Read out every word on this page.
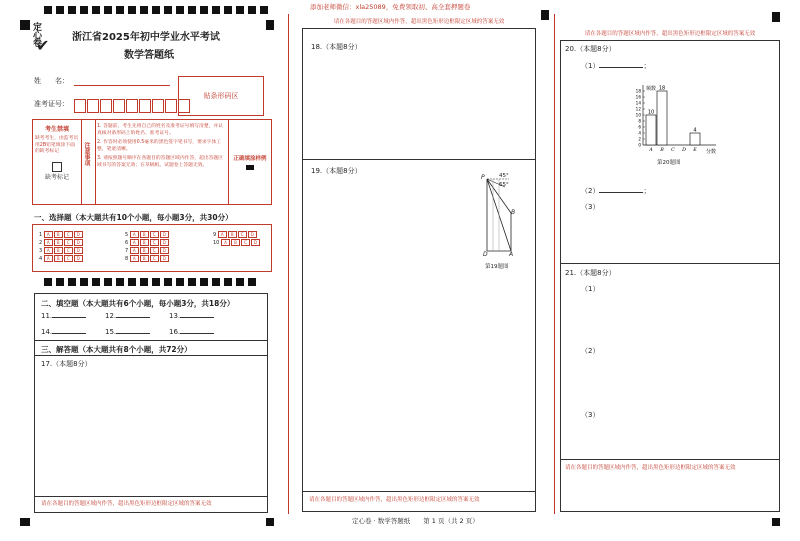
添加老师微信：xla25089，免费领取初、高全套押题卷
定心卷
✔ 浙江省2025年初中学业水平考试
数学答题纸
姓　　名：
准考证号：
贴条形码区
考生禁填
缺考考生，由监考员用2B铅笔填涂下面的缺考标记
缺考标记
注意事项
1. 答题前，考生先将自己的姓名及准考证号填写清楚，并认真核对条形码上的姓名、准考证号。
2. 作答时必须使用0.5毫米的黑色签字笔书写，要求字体工整，笔迹清晰。
3. 请按照题号顺序在各题目的答题区域内作答，超出答题区域书写的答案无效；在草稿纸、试题卷上答题无效。
正确填涂样例
一、选择题（本大题共有10个小题，每小题3分，共30分）
1 A B C D
2 A B C D
3 A B C D
4 A B C D
5 A B C D
6 A B C D
7 A B C D
8 A B C D
9 A B C D
10 A B C D
二、填空题（本大题共有6个小题，每小题3分，共18分）
11.	12.	13.
14.	15.	16.
三、解答题（本大题共有8个小题，共72分）
17.（本题8分）
请在各题目的答题区域内作答，超出黑色矩形边框限定区域的答案无效
请在各题目的答题区域内作答，超出黑色矩形边框限定区域的答案无效
18.（本题8分）
19.（本题8分）
P	45°
65°
B
D	A
第19题图
请在各题目的答题区域内作答，超出黑色矩形边框限定区域的答案无效
请在各题目的答题区域内作答，超出黑色矩形边框限定区域的答案无效
20.（本题8分）
（1）	；
（2）	；
（3）
频数
分数
0
2
4
6
8
10
12
14
16
18
A
10
B
18
C D E
4
第20题图
21.（本题8分）
（1）
（2）
（3）
请在各题目的答题区域内作答，超出黑色矩形边框限定区域的答案无效
定心卷 · 数学答题纸　　第 1 页（共 2 页）
